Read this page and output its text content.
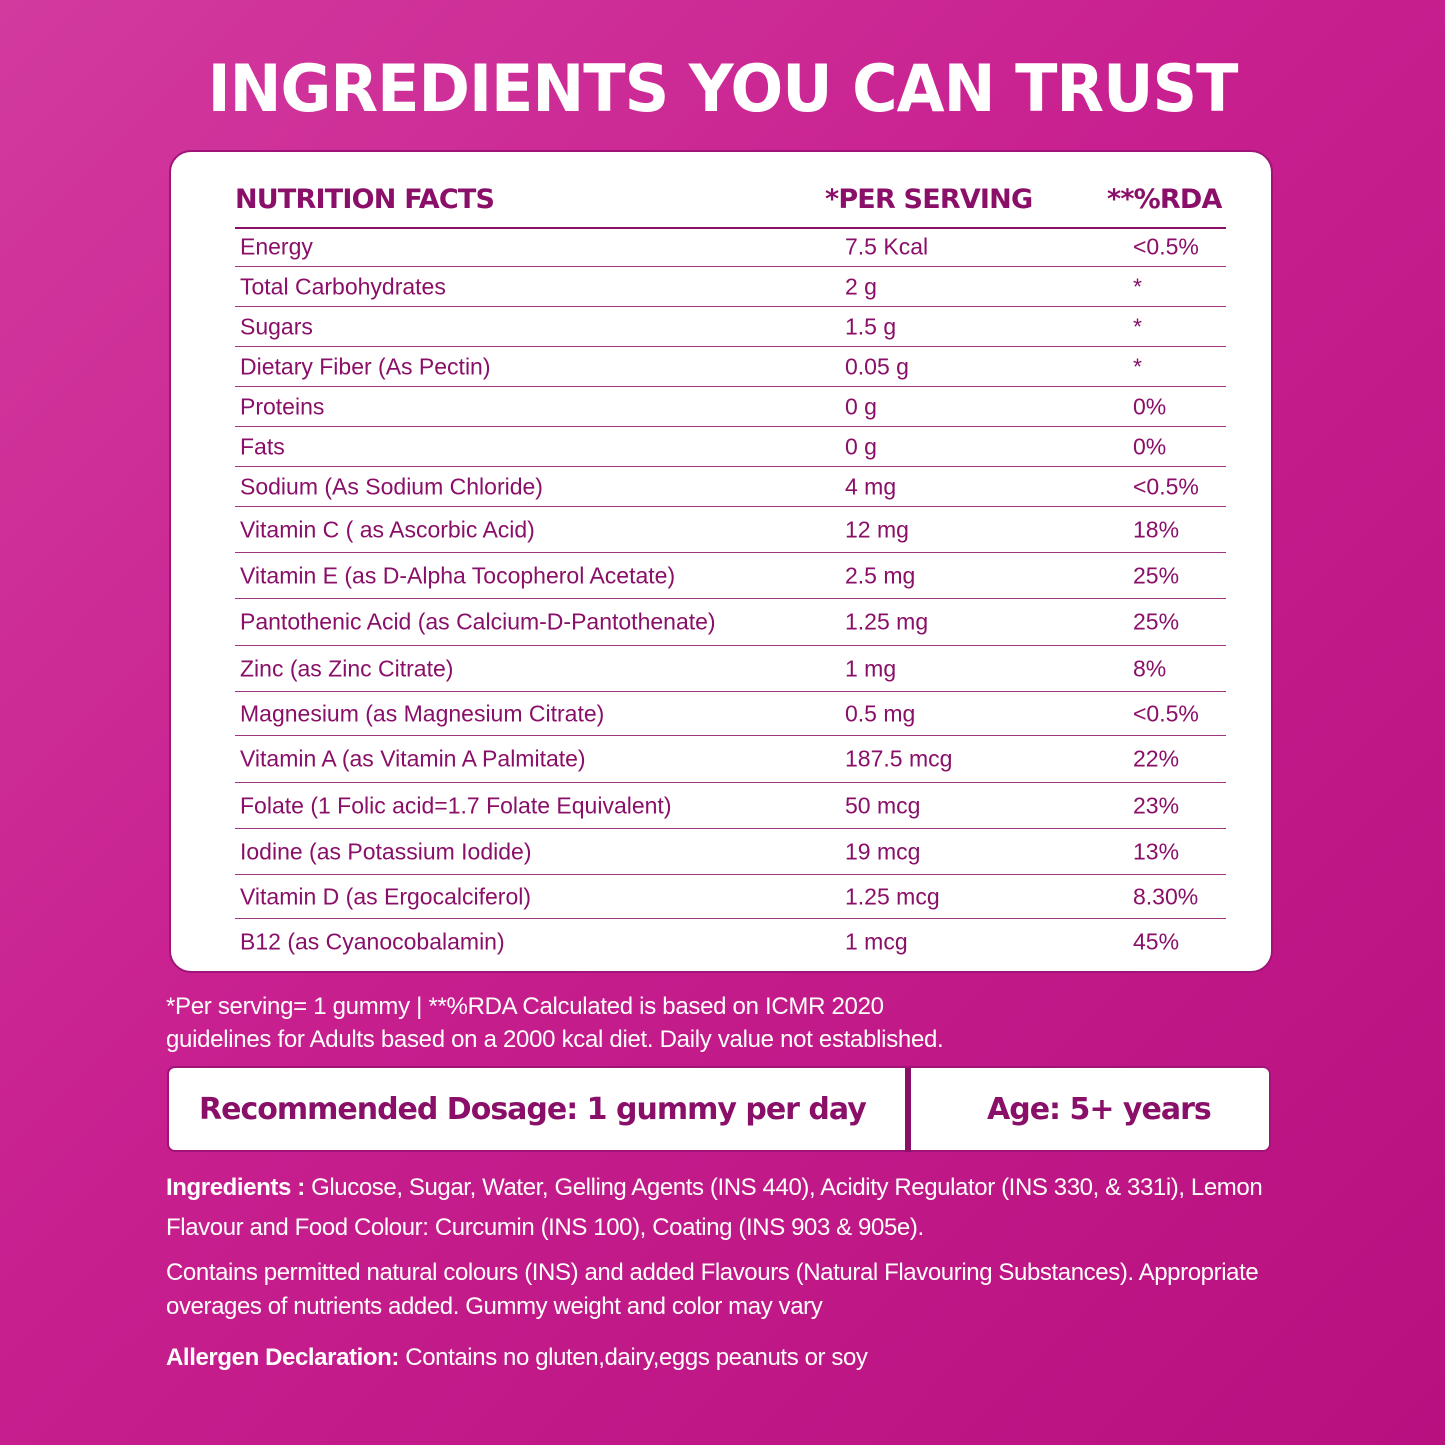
INGREDIENTS YOU CAN TRUST
NUTRITION FACTS	*PER SERVING	**%RDA
Energy	7.5 Kcal	<0.5%
Total Carbohydrates	2 g	*
Sugars	1.5 g	*
Dietary Fiber (As Pectin)	0.05 g	*
Proteins	0 g	0%
Fats	0 g	0%
Sodium (As Sodium Chloride)	4 mg	<0.5%
Vitamin C ( as Ascorbic Acid)	12 mg	18%
Vitamin E (as D-Alpha Tocopherol Acetate)	2.5 mg	25%
Pantothenic Acid (as Calcium-D-Pantothenate)	1.25 mg	25%
Zinc (as Zinc Citrate)	1 mg	8%
Magnesium (as Magnesium Citrate)	0.5 mg	<0.5%
Vitamin A (as Vitamin A Palmitate)	187.5 mcg	22%
Folate (1 Folic acid=1.7 Folate Equivalent)	50 mcg	23%
Iodine (as Potassium Iodide)	19 mcg	13%
Vitamin D (as Ergocalciferol)	1.25 mcg	8.30%
B12 (as Cyanocobalamin)	1 mcg	45%
*Per serving= 1 gummy | **%RDA Calculated is based on ICMR 2020
guidelines for Adults based on a 2000 kcal diet. Daily value not established.
Recommended Dosage: 1 gummy per day	Age: 5+ years
Ingredients : Glucose, Sugar, Water, Gelling Agents (INS 440), Acidity Regulator (INS 330, & 331i), Lemon Flavour and Food Colour: Curcumin (INS 100), Coating (INS 903 & 905e).
Contains permitted natural colours (INS) and added Flavours (Natural Flavouring Substances). Appropriate overages of nutrients added. Gummy weight and color may vary
Allergen Declaration: Contains no gluten,dairy,eggs peanuts or soy
